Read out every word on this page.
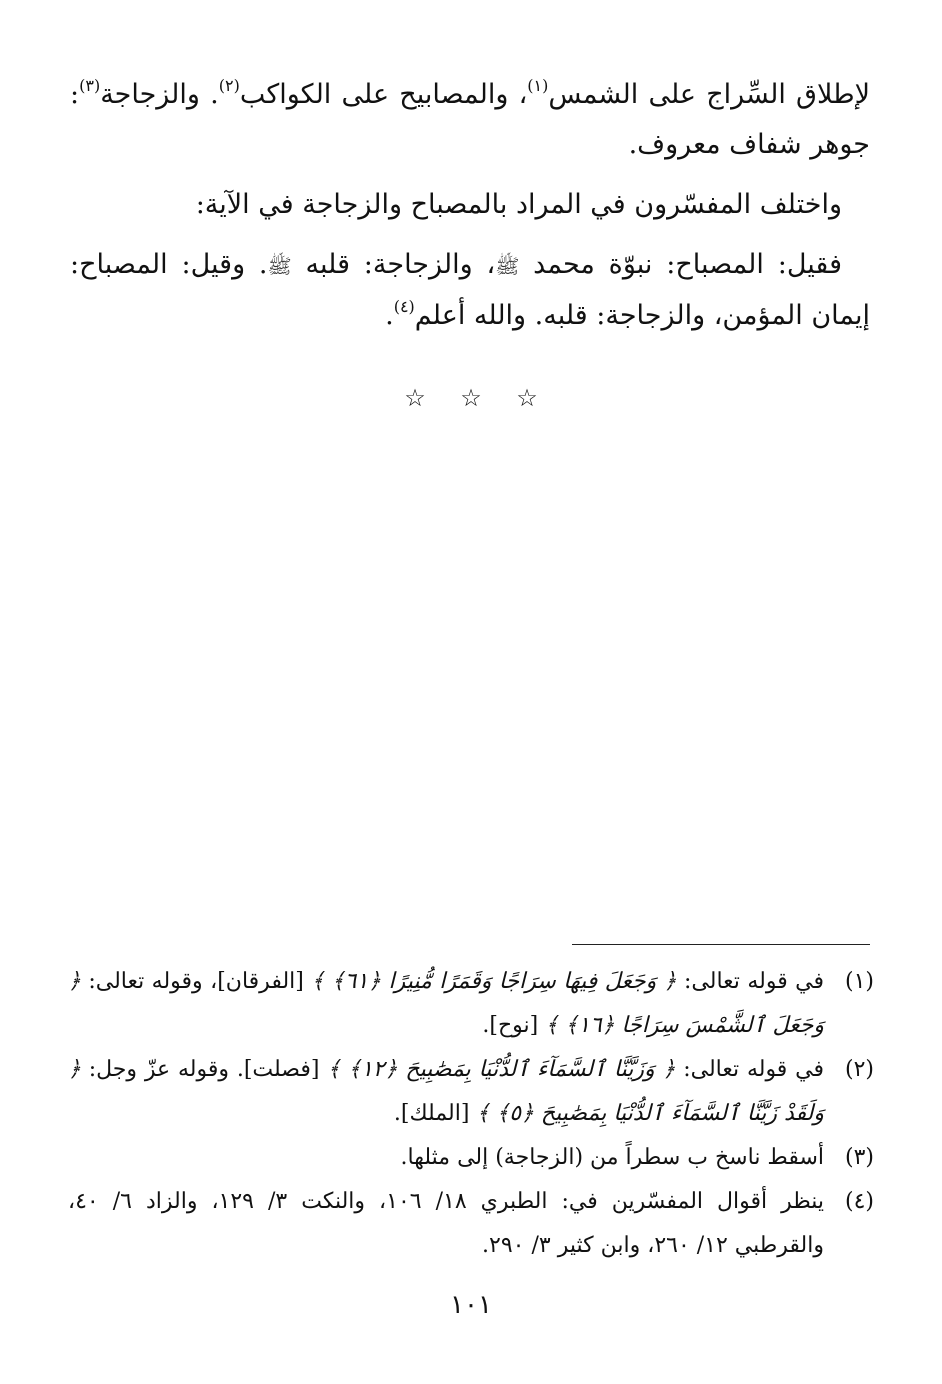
لإطلاق السِّراج على الشمس$^{(١)}$، والمصابيح على الكواكب$^{(٢)}$. والزجاجة$^{(٣)}$: جوهر شفاف معروف.

واختلف المفسّرون في المراد بالمصباح والزجاجة في الآية:

فقيل: المصباح: نبوّة محمد ﷺ، والزجاجة: قلبه ﷺ. وقيل: المصباح: إيمان المؤمن، والزجاجة: قلبه. والله أعلم$^{(٤)}$.

☆ ☆ ☆
(١)
في قوله تعالى: ﴿ وَجَعَلَ فِيهَا سِرَاجًا وَقَمَرًا مُّنِيرًا ﴿٦١﴾ ﴾ [الفرقان]، وقوله تعالى: ﴿ وَجَعَلَ ٱلشَّمْسَ سِرَاجًا ﴿١٦﴾ ﴾ [نوح].
(٢)
في قوله تعالى: ﴿ وَزَيَّنَّا ٱلسَّمَآءَ ٱلدُّنْيَا بِمَصَٰبِيحَ ﴿١٢﴾ ﴾ [فصلت]. وقوله عزّ وجل: ﴿ وَلَقَدْ زَيَّنَّا ٱلسَّمَآءَ ٱلدُّنْيَا بِمَصَٰبِيحَ ﴿٥﴾ ﴾ [الملك].
(٣)
أسقط ناسخ ب سطراً من (الزجاجة) إلى مثلها.
(٤)
ينظر أقوال المفسّرين في: الطبري ١٨/ ١٠٦، والنكت ٣/ ١٢٩، والزاد ٦/ ٤٠، والقرطبي ١٢/ ٢٦٠، وابن كثير ٣/ ٢٩٠.
١٠١
